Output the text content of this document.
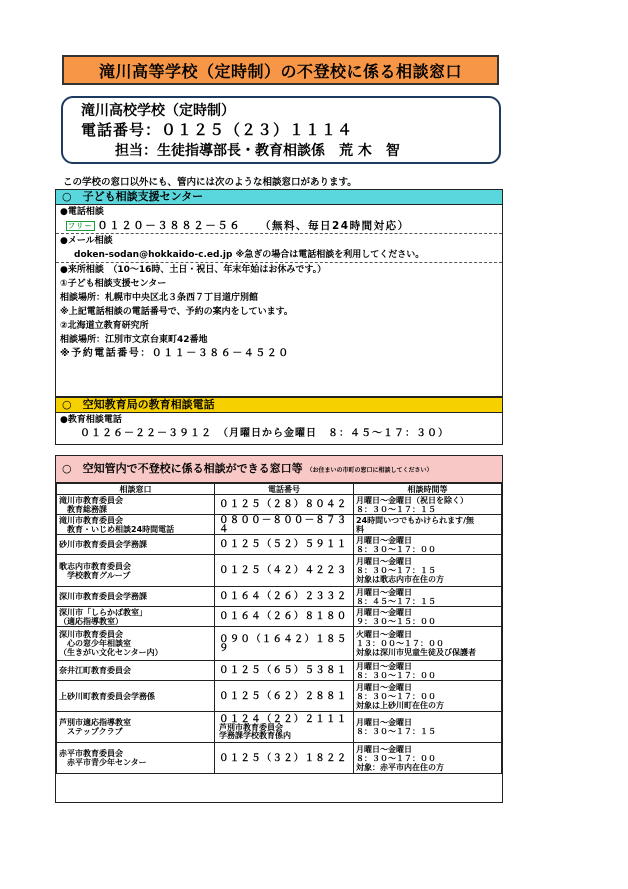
滝川高等学校（定時制）の不登校に係る相談窓口
滝川高校学校（定時制）
電話番号：０１２５（２３）１１１４
担当：生徒指導部長・教育相談係　荒 木　智
この学校の窓口以外にも、管内には次のような相談窓口があります。
○　子ども相談支援センター
●電話相談
フリー ０１２０－３８８２－５６　　（無料、毎日24時間対応）
●メール相談
doken-sodan@hokkaido-c.ed.jp ※急ぎの場合は電話相談を利用してください。
●来所相談　（10～16時、土日・祝日、年末年始はお休みです。）
①子ども相談支援センター
相談場所：札幌市中央区北３条西７丁目道庁別館
※上記電話相談の電話番号で、予約の案内をしています。
②北海道立教育研究所
相談場所：江別市文京台東町42番地
※予約電話番号：０１１－３８６－４５２０
○　空知教育局の教育相談電話
●教育相談電話
０１２６－２２－３９１２　（月曜日から金曜日　８：４５～１７：３０）
○　空知管内で不登校に係る相談ができる窓口等 （お住まいの市町の窓口に相談してください）
相談窓口	電話番号	相談時間等

滝川市教育委員会
　教育総務課	０１２５（２８）８０４２	月曜日～金曜日（祝日を除く）
８：３０～１７：１５

滝川市教育委員会
　教育・いじめ相談24時間電話	０８００－８００－８７３４	24時間いつでもかけられます/無
料

砂川市教育委員会学務課	０１２５（５２）５９１１	月曜日～金曜日
８：３０～１７：００

歌志内市教育委員会
　学校教育グループ	０１２５（４２）４２２３	月曜日～金曜日
８：３０～１７：１５
対象は歌志内市在住の方

深川市教育委員会学務課	０１６４（２６）２３３２	月曜日～金曜日
８：４５～１７：１５

深川市「しらかば教室」
（適応指導教室）	０１６４（２６）８１８０	月曜日～金曜日
９：３０～１５：００

深川市教育委員会
　心の窓少年相談室
（生きがい文化センター内）	０９０（１６４２）１８５９	火曜日～金曜日
１３：００～１７：００
対象は深川市児童生徒及び保護者

奈井江町教育委員会	０１２５（６５）５３８１	月曜日～金曜日
８：３０～１７：００

上砂川町教育委員会学務係	０１２５（６２）２８８１	月曜日～金曜日
８：３０～１７：００
対象は上砂川町在住の方

芦別市適応指導教室
　ステップクラブ	０１２４（２２）２１１１
芦別市教育委員会
学務課学校教育係内	月曜日～金曜日
８：３０～１７：１５

赤平市教育委員会
　赤平市青少年センター	０１２５（３２）１８２２	月曜日～金曜日
８：３０～１７：００
対象：赤平市内在住の方
